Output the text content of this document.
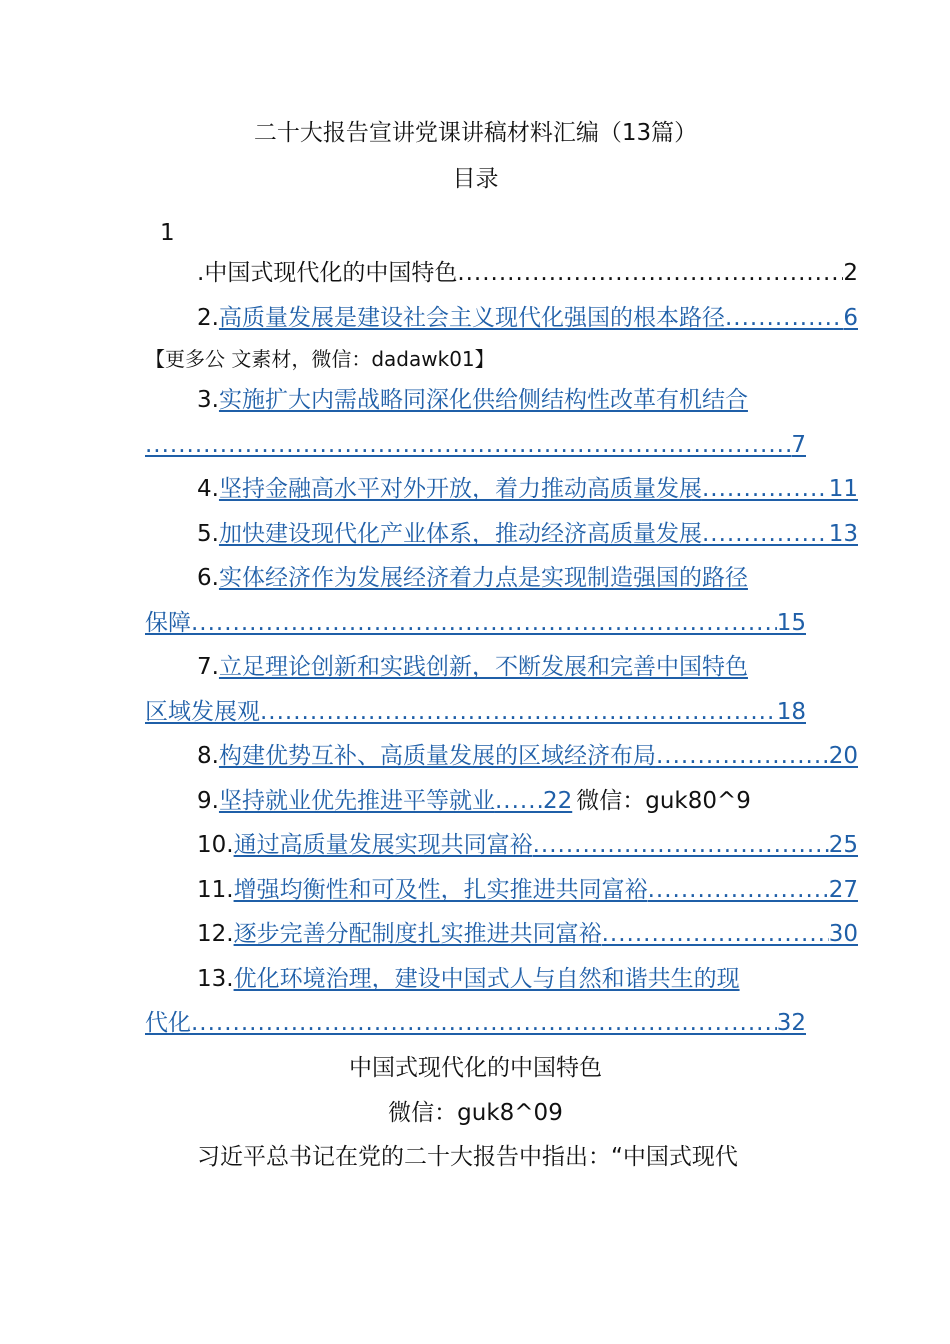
二十大报告宣讲党课讲稿材料汇编（13篇）
目录
1
. 中国式现代化的中国特色 .....	2
2. 高质量发展是建设社会主义现代化强国的根本路径 .....	6
【更多公 文素材，微信：dadawk01】
3.实施扩大内需战略同深化供给侧结构性改革有机结合
.....
7
4. 坚持金融高水平对外开放，着力推动高质量发展 .....	11
5. 加快建设现代化产业体系，推动经济高质量发展 .....	13
6.实体经济作为发展经济着力点是实现制造强国的路径
保障 .....	15
7.立足理论创新和实践创新，不断发展和完善中国特色
区域发展观 .....	18
8. 构建优势互补、高质量发展的区域经济布局 .....	20
9. 坚持就业优先推进平等就业 ..... 22 微信：guk80^9
10. 通过高质量发展实现共同富裕 .....	25
11. 增强均衡性和可及性，扎实推进共同富裕 .....	27
12. 逐步完善分配制度扎实推进共同富裕 .....	30
13.优化环境治理，建设中国式人与自然和谐共生的现
代化 .....	32
中国式现代化的中国特色
微信：guk8^09
习近平总书记在党的二十大报告中指出：“中国式现代
